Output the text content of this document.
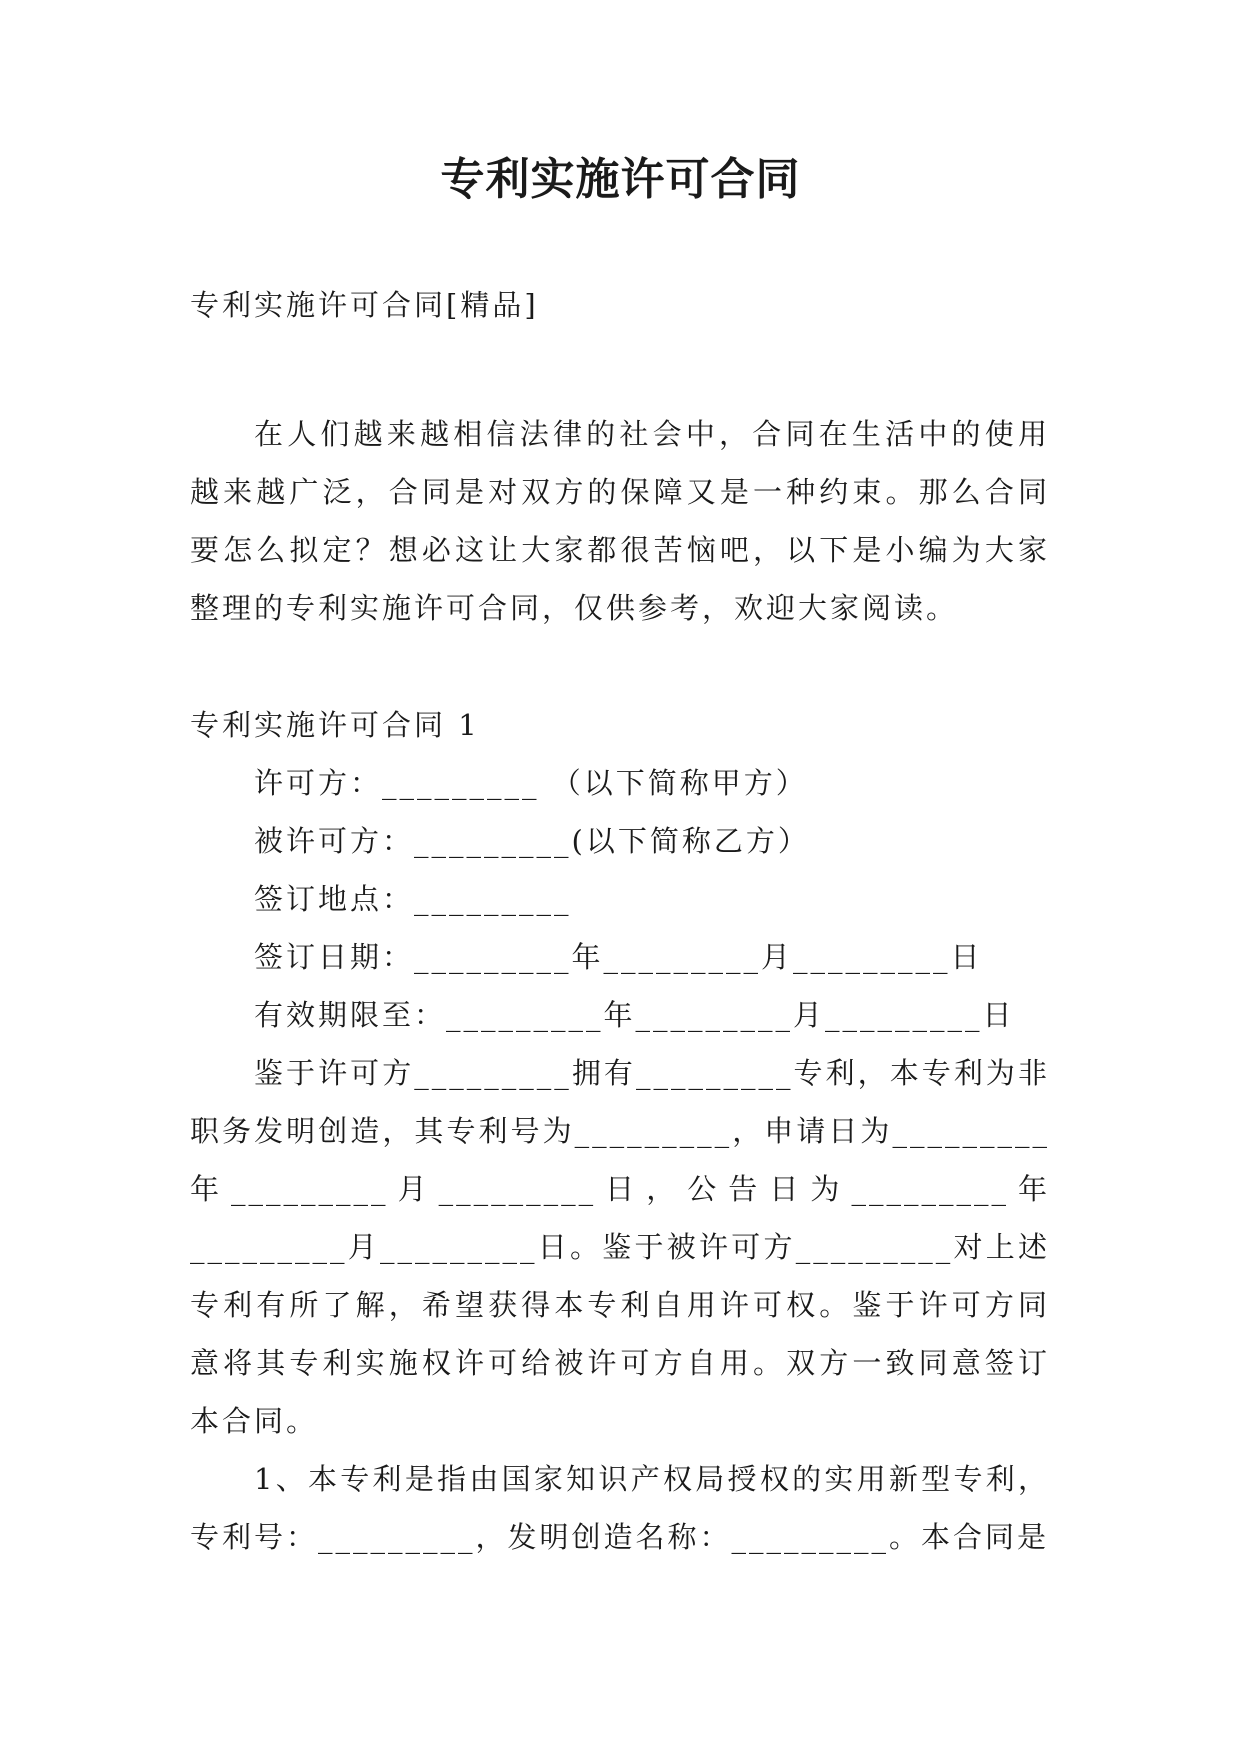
专利实施许可合同

专利实施许可合同[精品]

在人们越来越相信法律的社会中，合同在生活中的使用越来越广泛，合同是对双方的保障又是一种约束。那么合同要怎么拟定？想必这让大家都很苦恼吧，以下是小编为大家整理的专利实施许可合同，仅供参考，欢迎大家阅读。

专利实施许可合同 1
许可方：_________ （以下简称甲方）
被许可方：_________(以下简称乙方）
签订地点：_________
签订日期：_________年_________月_________日
有效期限至：_________年_________月_________日

鉴于许可方_________拥有_________专利，本专利为非职务发明创造，其专利号为_________，申请日为_________年_________月_________日，公告日为_________年_________月_________日。鉴于被许可方_________对上述专利有所了解，希望获得本专利自用许可权。鉴于许可方同意将其专利实施权许可给被许可方自用。双方一致同意签订本合同。

1、本专利是指由国家知识产权局授权的实用新型专利，专利号：_________，发明创造名称：_________。本合同是
